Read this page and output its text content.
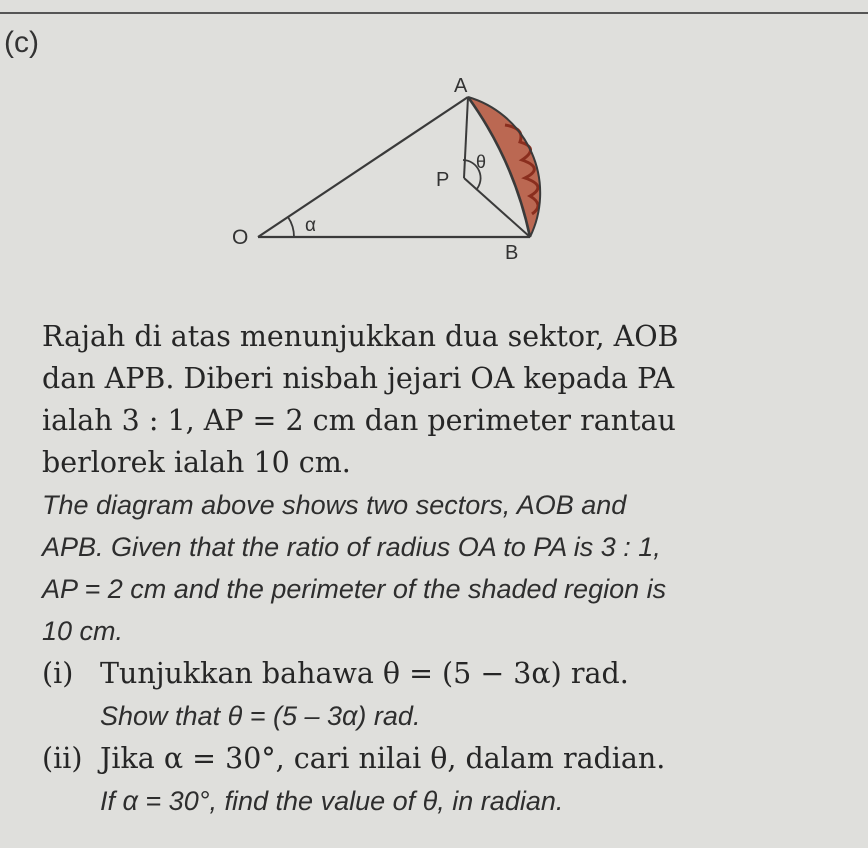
(c)
A
P
O
B
α
θ
Rajah di atas menunjukkan dua sektor, AOB
dan APB. Diberi nisbah jejari OA kepada PA
ialah 3 : 1, AP = 2 cm dan perimeter rantau
berlorek ialah 10 cm.
The diagram above shows two sectors, AOB and
APB. Given that the ratio of radius OA to PA is 3 : 1,
AP = 2 cm and the perimeter of the shaded region is
10 cm.
(i) Tunjukkan bahawa θ = (5 − 3α) rad.
Show that θ = (5 – 3α) rad.
(ii) Jika α = 30°, cari nilai θ, dalam radian.
If α = 30°, find the value of θ, in radian.
